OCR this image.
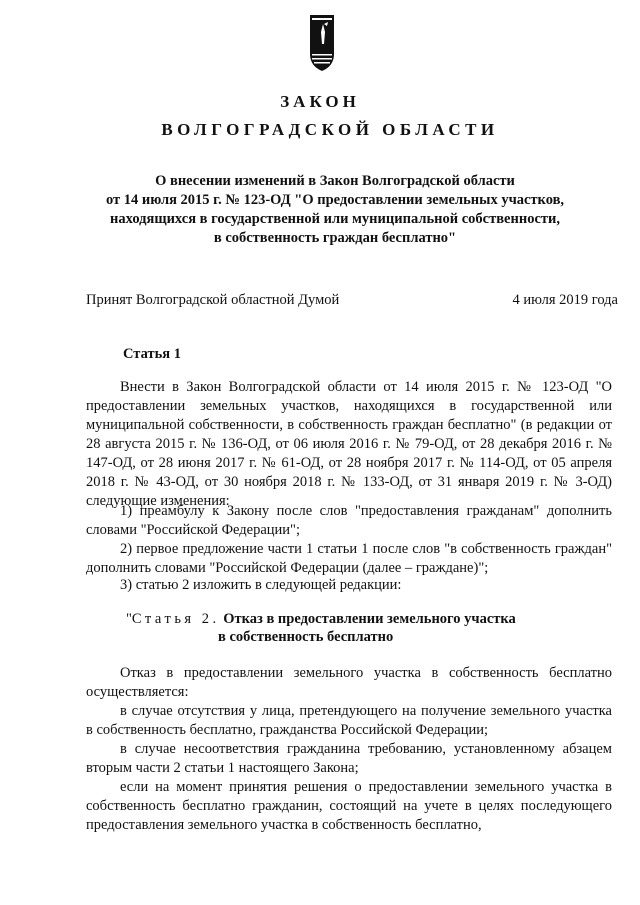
ЗАКОН
ВОЛГОГРАДСКОЙ ОБЛАСТИ
О внесении изменений в Закон Волгоградской области
от 14 июля 2015 г. № 123-ОД "О предоставлении земельных участков,
находящихся в государственной или муниципальной собственности,
в собственность граждан бесплатно"
Принят Волгоградской областной Думой	4 июля 2019 года
Статья 1

Внести в Закон Волгоградской области от 14 июля 2015 г. № 123-ОД "О предоставлении земельных участков, находящихся в государственной или муниципальной собственности, в собственность граждан бесплатно" (в редакции от 28 августа 2015 г. № 136-ОД, от 06 июля 2016 г. № 79-ОД, от 28 декабря 2016 г. № 147-ОД, от 28 июня 2017 г. № 61-ОД, от 28 ноября 2017 г. № 114-ОД, от 05 апреля 2018 г. № 43-ОД, от 30 ноября 2018 г. № 133-ОД, от 31 января 2019 г. № 3-ОД) следующие изменения:

1) преамбулу к Закону после слов "предоставления гражданам" дополнить словами "Российской Федерации";

2) первое предложение части 1 статьи 1 после слов "в собственность граждан" дополнить словами "Российской Федерации (далее – граждане)";

3) статью 2 изложить в следующей редакции:

"Статья 2. Отказ в предоставлении земельного участка
в собственность бесплатно

Отказ в предоставлении земельного участка в собственность бесплатно осуществляется:

в случае отсутствия у лица, претендующего на получение земельного участка в собственность бесплатно, гражданства Российской Федерации;

в случае несоответствия гражданина требованию, установленному абзацем вторым части 2 статьи 1 настоящего Закона;

если на момент принятия решения о предоставлении земельного участка в собственность бесплатно гражданин, состоящий на учете в целях последующего предоставления земельного участка в собственность бесплатно,
